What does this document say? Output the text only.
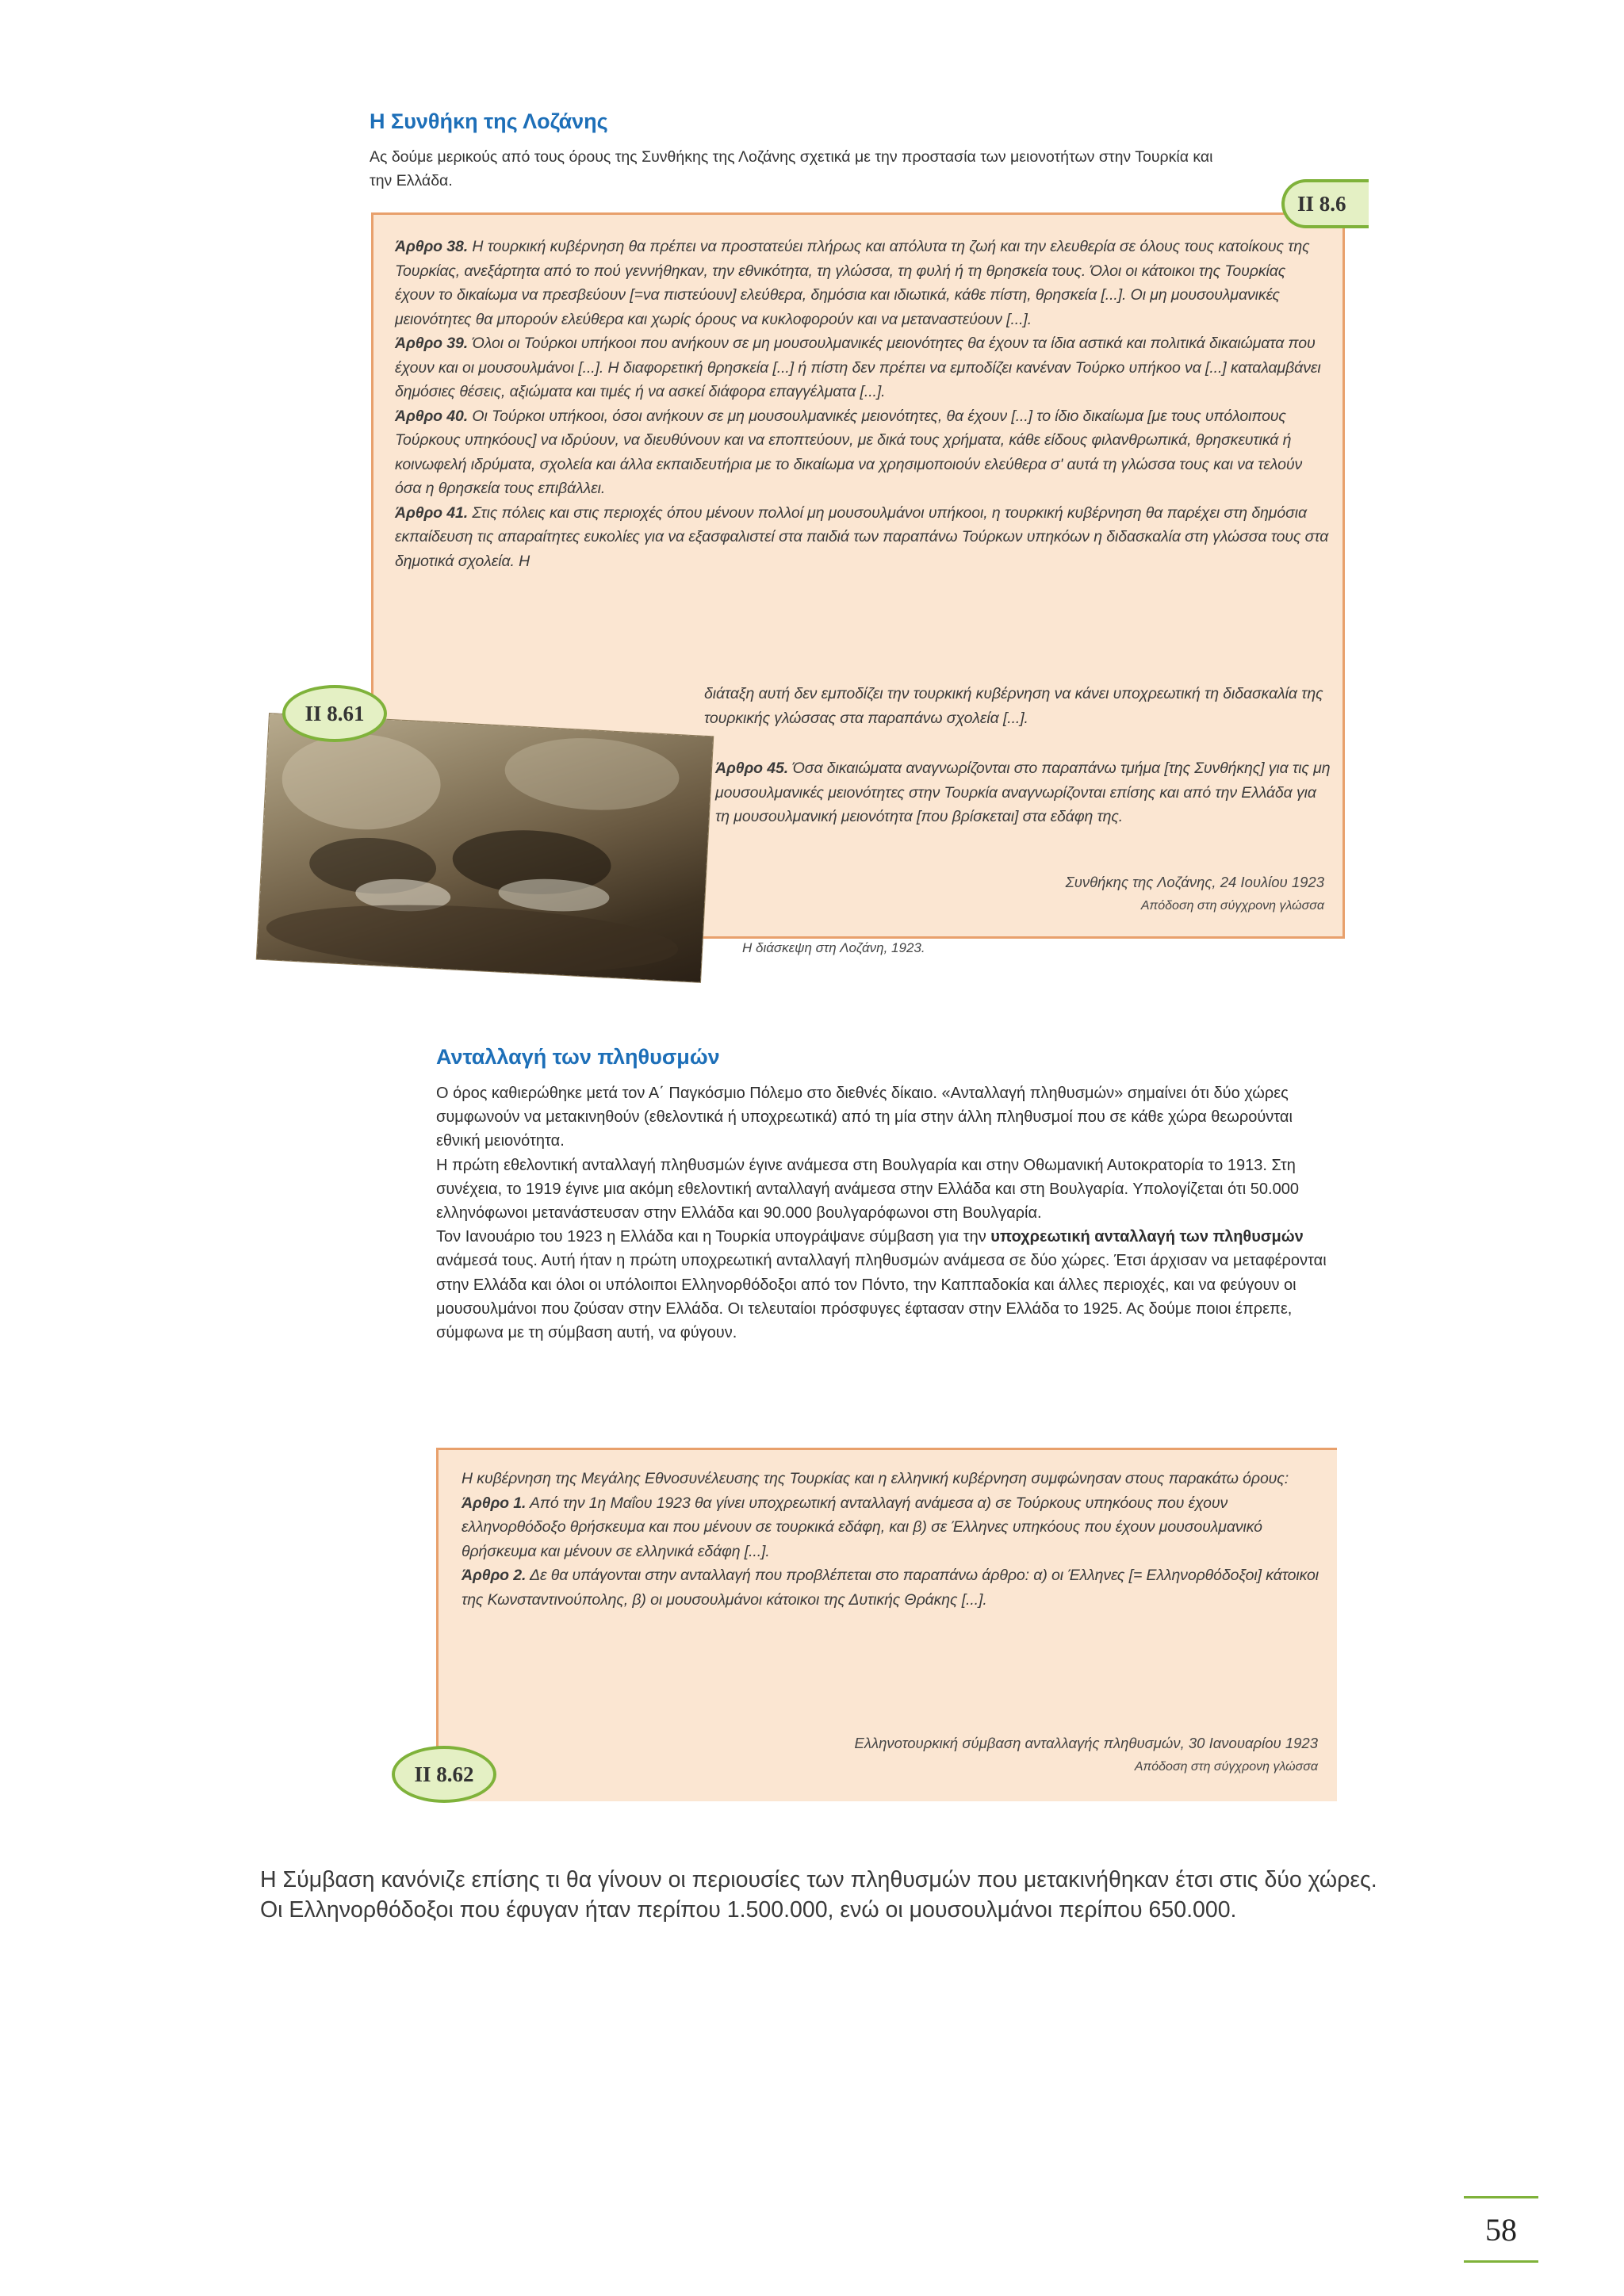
Η Συνθήκη της Λοζάνης
Ας δούμε μερικούς από τους όρους της Συνθήκης της Λοζάνης σχετικά με την προστασία των μειονοτήτων στην Τουρκία και την Ελλάδα.
II 8.6
Άρθρο 38. Η τουρκική κυβέρνηση θα πρέπει να προστατεύει πλήρως και απόλυτα τη ζωή και την ελευθερία σε όλους τους κατοίκους της Τουρκίας, ανεξάρτητα από το πού γεννήθηκαν, την εθνικότητα, τη γλώσσα, τη φυλή ή τη θρησκεία τους. Όλοι οι κάτοικοι της Τουρκίας έχουν το δικαίωμα να πρεσβεύουν [=να πιστεύουν] ελεύθερα, δημόσια και ιδιωτικά, κάθε πίστη, θρησκεία [...]. Οι μη μουσουλμανικές μειονότητες θα μπορούν ελεύθερα και χωρίς όρους να κυκλοφορούν και να μεταναστεύουν [...].
Άρθρο 39. Όλοι οι Τούρκοι υπήκοοι που ανήκουν σε μη μουσουλμανικές μειονότητες θα έχουν τα ίδια αστικά και πολιτικά δικαιώματα που έχουν και οι μουσουλμάνοι [...]. Η διαφορετική θρησκεία [...] ή πίστη δεν πρέπει να εμποδίζει κανέναν Τούρκο υπήκοο να [...] καταλαμβάνει δημόσιες θέσεις, αξιώματα και τιμές ή να ασκεί διάφορα επαγγέλματα [...].
Άρθρο 40. Οι Τούρκοι υπήκοοι, όσοι ανήκουν σε μη μουσουλμανικές μειονότητες, θα έχουν [...] το ίδιο δικαίωμα [με τους υπόλοιπους Τούρκους υπηκόους] να ιδρύουν, να διευθύνουν και να εποπτεύουν, με δικά τους χρήματα, κάθε είδους φιλανθρωπικά, θρησκευτικά ή κοινωφελή ιδρύματα, σχολεία και άλλα εκπαιδευτήρια με το δικαίωμα να χρησιμοποιούν ελεύθερα σ' αυτά τη γλώσσα τους και να τελούν όσα η θρησκεία τους επιβάλλει.
Άρθρο 41. Στις πόλεις και στις περιοχές όπου μένουν πολλοί μη μουσουλμάνοι υπήκοοι, η τουρκική κυβέρνηση θα παρέχει στη δημόσια εκπαίδευση τις απαραίτητες ευκολίες για να εξασφαλιστεί στα παιδιά των παραπάνω Τούρκων υπηκόων η διδασκαλία στη γλώσσα τους στα δημοτικά σχολεία. Η
διάταξη αυτή δεν εμποδίζει την τουρκική κυβέρνηση να κάνει υποχρεωτική τη διδασκαλία της τουρκικής γλώσσας στα παραπάνω σχολεία [...].
Άρθρο 45. Όσα δικαιώματα αναγνωρίζονται στο παραπάνω τμήμα [της Συνθήκης] για τις μη μουσουλμανικές μειονότητες στην Τουρκία αναγνωρίζονται επίσης και από την Ελλάδα για τη μουσουλμανική μειονότητα [που βρίσκεται] στα εδάφη της.
Συνθήκης της Λοζάνης, 24 Ιουλίου 1923
Απόδοση στη σύγχρονη γλώσσα
II 8.61
Η διάσκεψη στη Λοζάνη, 1923.
Ανταλλαγή των πληθυσμών
Ο όρος καθιερώθηκε μετά τον Α΄ Παγκόσμιο Πόλεμο στο διεθνές δίκαιο. «Ανταλλαγή πληθυσμών» σημαίνει ότι δύο χώρες συμφωνούν να μετακινηθούν (εθελοντικά ή υποχρεωτικά) από τη μία στην άλλη πληθυσμοί που σε κάθε χώρα θεωρούνται εθνική μειονότητα.
Η πρώτη εθελοντική ανταλλαγή πληθυσμών έγινε ανάμεσα στη Βουλγαρία και στην Οθωμανική Αυτοκρατορία το 1913. Στη συνέχεια, το 1919 έγινε μια ακόμη εθελοντική ανταλλαγή ανάμεσα στην Ελλάδα και στη Βουλγαρία. Υπολογίζεται ότι 50.000 ελληνόφωνοι μετανάστευσαν στην Ελλάδα και 90.000 βουλγαρόφωνοι στη Βουλγαρία.
Τον Ιανουάριο του 1923 η Ελλάδα και η Τουρκία υπογράψανε σύμβαση για την υποχρεωτική ανταλλαγή των πληθυσμών ανάμεσά τους. Αυτή ήταν η πρώτη υποχρεωτική ανταλλαγή πληθυσμών ανάμεσα σε δύο χώρες. Έτσι άρχισαν να μεταφέρονται στην Ελλάδα και όλοι οι υπόλοιποι Ελληνορθόδοξοι από τον Πόντο, την Καππαδοκία και άλλες περιοχές, και να φεύγουν οι μουσουλμάνοι που ζούσαν στην Ελλάδα. Οι τελευταίοι πρόσφυγες έφτασαν στην Ελλάδα το 1925. Ας δούμε ποιοι έπρεπε, σύμφωνα με τη σύμβαση αυτή, να φύγουν.
Η κυβέρνηση της Μεγάλης Εθνοσυνέλευσης της Τουρκίας και η ελληνική κυβέρνηση συμφώνησαν στους παρακάτω όρους:
Άρθρο 1. Από την 1η Μαΐου 1923 θα γίνει υποχρεωτική ανταλλαγή ανάμεσα α) σε Τούρκους υπηκόους που έχουν ελληνορθόδοξο θρήσκευμα και που μένουν σε τουρκικά εδάφη, και β) σε Έλληνες υπηκόους που έχουν μουσουλμανικό θρήσκευμα και μένουν σε ελληνικά εδάφη [...].
Άρθρο 2. Δε θα υπάγονται στην ανταλλαγή που προβλέπεται στο παραπάνω άρθρο: α) οι Έλληνες [= Ελληνορθόδοξοι] κάτοικοι της Κωνσταντινούπολης, β) οι μουσουλμάνοι κάτοικοι της Δυτικής Θράκης [...].
Ελληνοτουρκική σύμβαση ανταλλαγής πληθυσμών, 30 Ιανουαρίου 1923
Απόδοση στη σύγχρονη γλώσσα
II 8.62
Η Σύμβαση κανόνιζε επίσης τι θα γίνουν οι περιουσίες των πληθυσμών που μετακινήθηκαν έτσι στις δύο χώρες.
Οι Ελληνορθόδοξοι που έφυγαν ήταν περίπου 1.500.000, ενώ οι μουσουλμάνοι περίπου 650.000.
58
